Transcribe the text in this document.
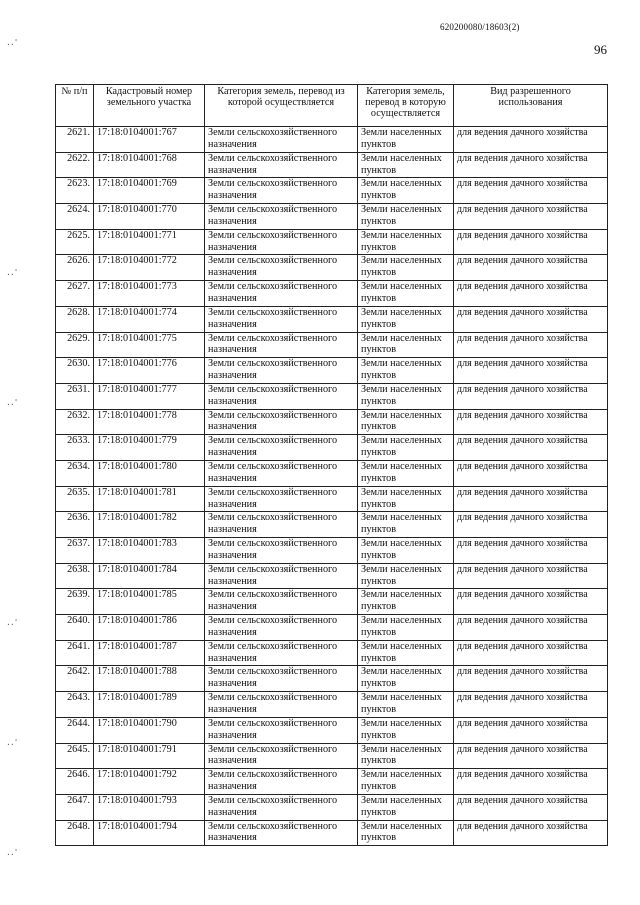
620200080/18603(2)
96
..'
..'
..'
..'
..'
..'
№ п/п	Кадастровый номер земельного участка	Категория земель, перевод из которой осуществляется	Категория земель, перевод в которую осуществляется	Вид разрешенного использования
2621.	17:18:0104001:767	Земли сельскохозяйственного назначения	Земли населенных пунктов	для ведения дачного хозяйства
2622.	17:18:0104001:768	Земли сельскохозяйственного назначения	Земли населенных пунктов	для ведения дачного хозяйства
2623.	17:18:0104001:769	Земли сельскохозяйственного назначения	Земли населенных пунктов	для ведения дачного хозяйства
2624.	17:18:0104001:770	Земли сельскохозяйственного назначения	Земли населенных пунктов	для ведения дачного хозяйства
2625.	17:18:0104001:771	Земли сельскохозяйственного назначения	Земли населенных пунктов	для ведения дачного хозяйства
2626.	17:18:0104001:772	Земли сельскохозяйственного назначения	Земли населенных пунктов	для ведения дачного хозяйства
2627.	17:18:0104001:773	Земли сельскохозяйственного назначения	Земли населенных пунктов	для ведения дачного хозяйства
2628.	17:18:0104001:774	Земли сельскохозяйственного назначения	Земли населенных пунктов	для ведения дачного хозяйства
2629.	17:18:0104001:775	Земли сельскохозяйственного назначения	Земли населенных пунктов	для ведения дачного хозяйства
2630.	17:18:0104001:776	Земли сельскохозяйственного назначения	Земли населенных пунктов	для ведения дачного хозяйства
2631.	17:18:0104001:777	Земли сельскохозяйственного назначения	Земли населенных пунктов	для ведения дачного хозяйства
2632.	17:18:0104001:778	Земли сельскохозяйственного назначения	Земли населенных пунктов	для ведения дачного хозяйства
2633.	17:18:0104001:779	Земли сельскохозяйственного назначения	Земли населенных пунктов	для ведения дачного хозяйства
2634.	17:18:0104001:780	Земли сельскохозяйственного назначения	Земли населенных пунктов	для ведения дачного хозяйства
2635.	17:18:0104001:781	Земли сельскохозяйственного назначения	Земли населенных пунктов	для ведения дачного хозяйства
2636.	17:18:0104001:782	Земли сельскохозяйственного назначения	Земли населенных пунктов	для ведения дачного хозяйства
2637.	17:18:0104001:783	Земли сельскохозяйственного назначения	Земли населенных пунктов	для ведения дачного хозяйства
2638.	17:18:0104001:784	Земли сельскохозяйственного назначения	Земли населенных пунктов	для ведения дачного хозяйства
2639.	17:18:0104001:785	Земли сельскохозяйственного назначения	Земли населенных пунктов	для ведения дачного хозяйства
2640.	17:18:0104001:786	Земли сельскохозяйственного назначения	Земли населенных пунктов	для ведения дачного хозяйства
2641.	17:18:0104001:787	Земли сельскохозяйственного назначения	Земли населенных пунктов	для ведения дачного хозяйства
2642.	17:18:0104001:788	Земли сельскохозяйственного назначения	Земли населенных пунктов	для ведения дачного хозяйства
2643.	17:18:0104001:789	Земли сельскохозяйственного назначения	Земли населенных пунктов	для ведения дачного хозяйства
2644.	17:18:0104001:790	Земли сельскохозяйственного назначения	Земли населенных пунктов	для ведения дачного хозяйства
2645.	17:18:0104001:791	Земли сельскохозяйственного назначения	Земли населенных пунктов	для ведения дачного хозяйства
2646.	17:18:0104001:792	Земли сельскохозяйственного назначения	Земли населенных пунктов	для ведения дачного хозяйства
2647.	17:18:0104001:793	Земли сельскохозяйственного назначения	Земли населенных пунктов	для ведения дачного хозяйства
2648.	17:18:0104001:794	Земли сельскохозяйственного назначения	Земли населенных пунктов	для ведения дачного хозяйства
